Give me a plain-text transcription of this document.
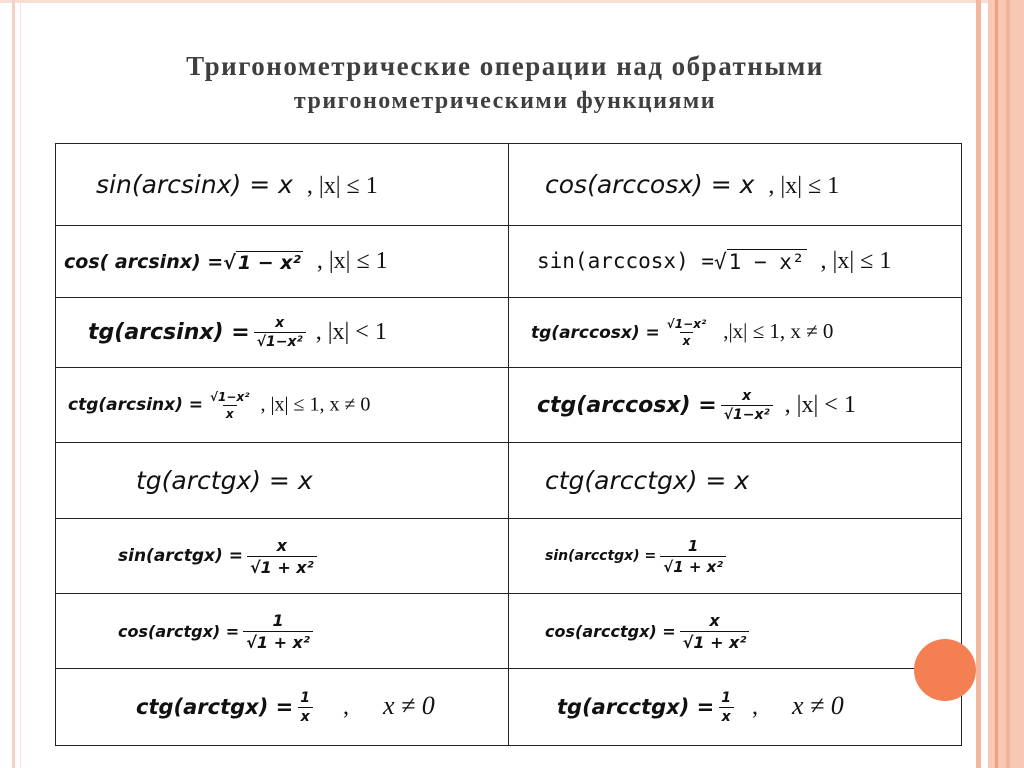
Тригонометрические операции над обратными
тригонометрическими функциями
sin(arcsinx) = x , |x| ≤ 1	cos(arccosx) = x , |x| ≤ 1

cos( arcsinx) = √ 1 − x² , |x| ≤ 1	sin(arccosx) = √ 1 − x² , |x| ≤ 1

$tg(\arcsin x) = \frac{x}{\text{√1−x²}}$ , |x| < 1	$tg(\arccos x) = \frac{\text{√1−x²}}{x} ,|x| \le 1$, x ≠ 0

$ctg(\arcsin x) = \frac{\text{√1−x²}}{x}$ , |x| ≤ 1, x ≠ 0	$ctg(\arccos x) = \frac{x}{\text{√1−x²}}$ , |x| < 1
tg(arctgx) = x	ctg(arcctgx) = x

sin(arctgx) = $\frac{x}{\text{√1 + x²}}$	sin(arcctgx) = $\frac{1}{\text{√1 + x²}}$

cos(arctgx) = $\frac{1}{\text{√1 + x²}}$	cos(arcctgx) = $\frac{x}{\text{√1 + x²}}$

ctg(arctgx) = $\frac{1}{x}$ , x ≠ 0	tg(arcctgx) = $\frac{1}{x}$ , x ≠ 0
